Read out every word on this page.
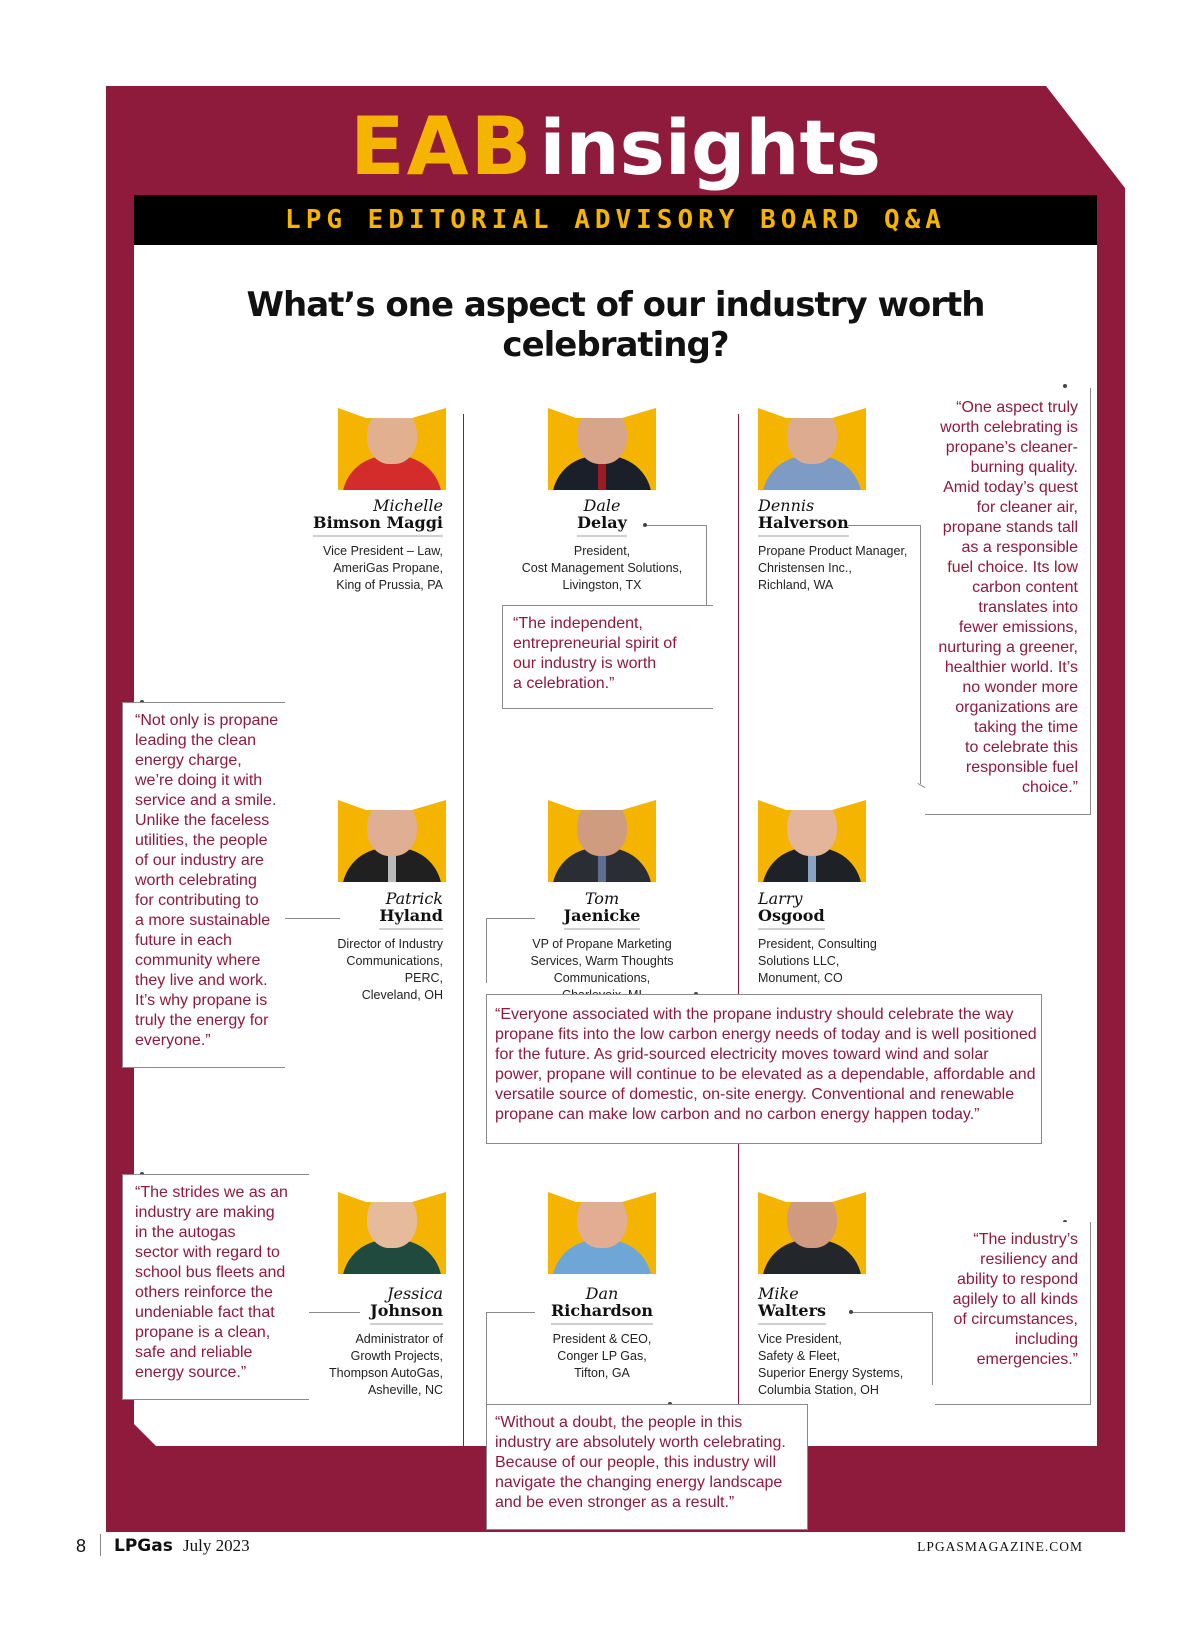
EABinsights
LPG EDITORIAL ADVISORY BOARD Q&A
What’s one aspect of our industry worth celebrating?
Michelle
Bimson Maggi
Vice President – Law,
AmeriGas Propane,
King of Prussia, PA
Dale
Delay
President,
Cost Management Solutions,
Livingston, TX
Dennis
Halverson
Propane Product Manager,
Christensen Inc.,
Richland, WA

“The independent,

entrepreneurial spirit of

our industry is worth

a celebration.”

“One aspect truly

worth celebrating is

propane’s cleaner-

burning quality.

Amid today’s quest

for cleaner air,

propane stands tall

as a responsible

fuel choice. Its low

carbon content

translates into

fewer emissions,

nurturing a greener,

healthier world. It’s

no wonder more

organizations are

taking the time

to celebrate this

responsible fuel

choice.”

Patrick
Hyland
Director of Industry
Communications,
PERC,
Cleveland, OH
Tom
Jaenicke
VP of Propane Marketing
Services, Warm Thoughts
Communications,
Larry
Osgood
President, Consulting
Solutions LLC,
Monument, CO

“Not only is propane

leading the clean

energy charge,

we’re doing it with

service and a smile.

Unlike the faceless

utilities, the people

of our industry are

worth celebrating

for contributing to

a more sustainable

future in each

community where

they live and work.

It’s why propane is

truly the energy for

everyone.”

“Everyone associated with the propane industry should celebrate the way

propane fits into the low carbon energy needs of today and is well positioned

for the future. As grid-sourced electricity moves toward wind and solar

power, propane will continue to be elevated as a dependable, affordable and

versatile source of domestic, on-site energy. Conventional and renewable

propane can make low carbon and no carbon energy happen today.”

Jessica
Johnson
Administrator of
Growth Projects,
Thompson AutoGas,
Asheville, NC
Dan
Richardson
President & CEO,
Conger LP Gas,
Tifton, GA
Mike
Walters
Vice President,
Safety & Fleet,
Superior Energy Systems,
Columbia Station, OH

“The strides we as an

industry are making

in the autogas

sector with regard to

school bus fleets and

others reinforce the

undeniable fact that

propane is a clean,

safe and reliable

energy source.”

“The industry’s

resiliency and

ability to respond

agilely to all kinds

of circumstances,

including

emergencies.”

“Without a doubt, the people in this

industry are absolutely worth celebrating.

Because of our people, this industry will

navigate the changing energy landscape

and be even stronger as a result.”

8 LPGas July 2023	LPGASMAGAZINE.COM
